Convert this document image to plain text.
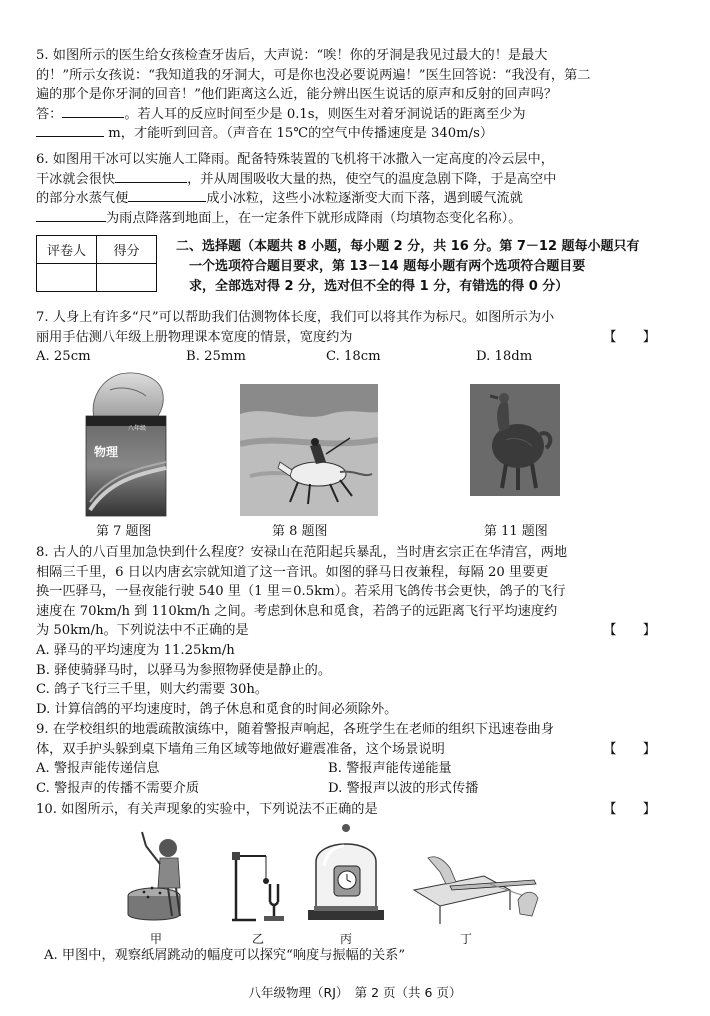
5. 如图所示的医生给女孩检查牙齿后，大声说：“唉！你的牙洞是我见过最大的！是最大
的！”所示女孩说：“我知道我的牙洞大，可是你也没必要说两遍！”医生回答说：“我没有，第二
遍的那个是你牙洞的回音！”他们距离这么近，能分辨出医生说话的原声和反射的回声吗？
答：	。若人耳的反应时间至少是 0.1s，则医生对着牙洞说话的距离至少为
m，才能听到回音。（声音在 15℃的空气中传播速度是 340m/s）
6. 如图用干冰可以实施人工降雨。配备特殊装置的飞机将干冰撒入一定高度的冷云层中，
干冰就会很快	，并从周围吸收大量的热，使空气的温度急剧下降，于是高空中
的部分水蒸气便	成小冰粒，这些小冰粒逐渐变大而下落，遇到暖气流就
为雨点降落到地面上，在一定条件下就形成降雨（均填物态变化名称）。
评卷人	得分
		二、选择题（本题共 8 小题，每小题 2 分，共 16 分。第 7－12 题每小题只有
一个选项符合题目要求，第 13－14 题每小题有两个选项符合题目要
求，全部选对得 2 分，选对但不全的得 1 分，有错选的得 0 分）
7. 人身上有许多“尺”可以帮助我们估测物体长度，我们可以将其作为标尺。如图所示为小
丽用手估测八年级上册物理课本宽度的情景，宽度约为	【　　】
A. 25cm	B. 25mm	C. 18cm	D. 18dm
物理
八年级
第 7 题图	第 8 题图	第 11 题图
8. 古人的八百里加急快到什么程度？安禄山在范阳起兵暴乱，当时唐玄宗正在华清宫，两地
相隔三千里，6 日以内唐玄宗就知道了这一音讯。如图的驿马日夜兼程，每隔 20 里要更
换一匹驿马，一昼夜能行驶 540 里（1 里＝0.5km）。若采用飞鸽传书会更快，鸽子的飞行
速度在 70km/h 到 110km/h 之间。考虑到休息和觅食，若鸽子的远距离飞行平均速度约
为 50km/h。下列说法中不正确的是	【　　】
A. 驿马的平均速度为 11.25km/h
B. 驿使骑驿马时，以驿马为参照物驿使是静止的。
C. 鸽子飞行三千里，则大约需要 30h。
D. 计算信鸽的平均速度时，鸽子休息和觅食的时间必须除外。
9. 在学校组织的地震疏散演练中，随着警报声响起，各班学生在老师的组织下迅速卷曲身
体，双手护头躲到桌下墙角三角区域等地做好避震准备，这个场景说明	【　　】
A. 警报声能传递信息	B. 警报声能传递能量
C. 警报声的传播不需要介质	D. 警报声以波的形式传播
10. 如图所示，有关声现象的实验中，下列说法不正确的是	【　　】
甲	乙	丙	丁
A. 甲图中，观察纸屑跳动的幅度可以探究“响度与振幅的关系”
八年级物理（RJ）　第 2 页（共 6 页）
